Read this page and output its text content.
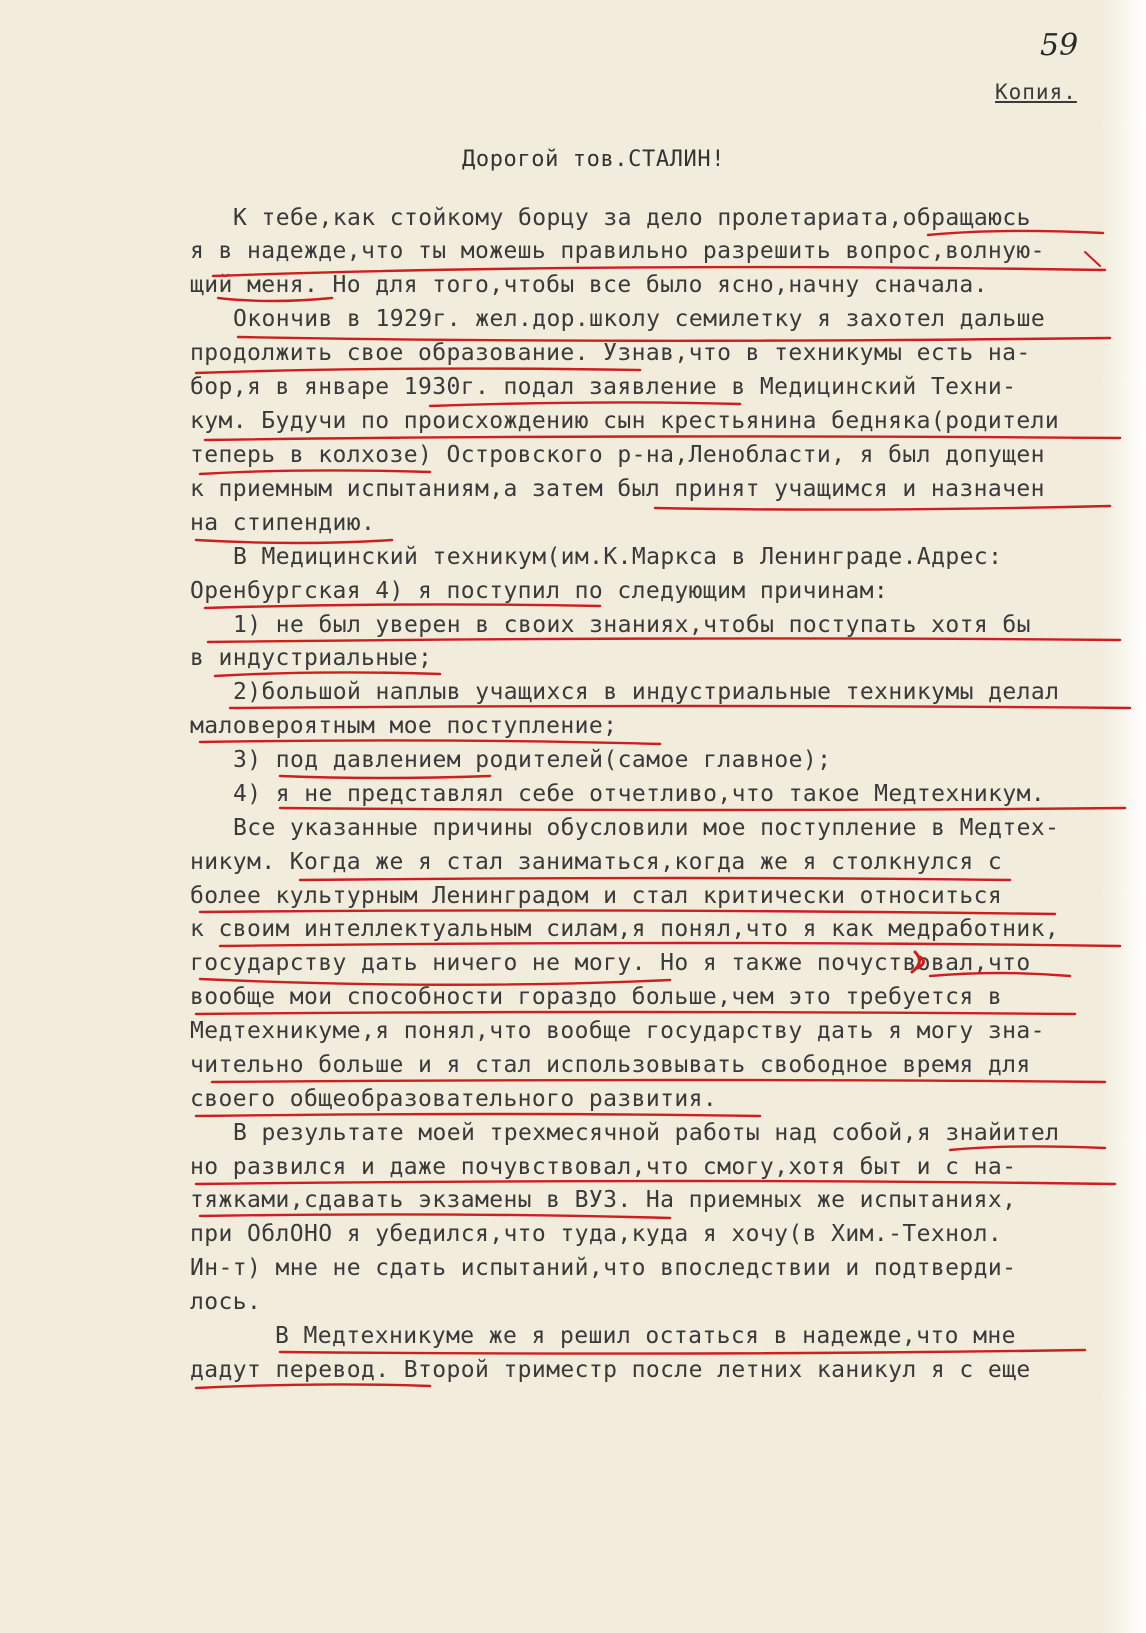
59
Копия.
Дорогой тов.СТАЛИН!
К тебе,как стойкому борцу за дело пролетариата,обращаюсь
я в надежде,что ты можешь правильно разрешить вопрос,волную-
щий меня. Но для того,чтобы все было ясно,начну сначала.
Окончив в 1929г. жел.дор.школу семилетку я захотел дальше
продолжить свое образование. Узнав,что в техникумы есть на-
бор,я в январе 1930г. подал заявление в Медицинский Техни-
кум. Будучи по происхождению сын крестьянина бедняка(родители
теперь в колхозе) Островского р-на,Ленобласти, я был допущен
к приемным испытаниям,а затем был принят учащимся и назначен
на стипендию.
В Медицинский техникум(им.К.Маркса в Ленинграде.Адрес:
Оренбургская 4) я поступил по следующим причинам:
1) не был уверен в своих знаниях,чтобы поступать хотя бы
в индустриальные;
2)большой наплыв учащихся в индустриальные техникумы делал
маловероятным мое поступление;
3) под давлением родителей(самое главное);
4) я не представлял себе отчетливо,что такое Медтехникум.
Все указанные причины обусловили мое поступление в Медтех-
никум. Когда же я стал заниматься,когда же я столкнулся с
более культурным Ленинградом и стал критически относиться
к своим интеллектуальным силам,я понял,что я как медработник,
государству дать ничего не могу. Но я также почуствовал,что
вообще мои способности гораздо больше,чем это требуется в
Медтехникуме,я понял,что вообще государству дать я могу зна-
чительно больше и я стал использовывать свободное время для
своего общеобразовательного развития.
В результате моей трехмесячной работы над собой,я знайител
но развился и даже почувствовал,что смогу,хотя быт и с на-
тяжками,сдавать экзамены в ВУЗ. На приемных же испытаниях,
при ОблОНО я убедился,что туда,куда я хочу(в Хим.-Технол.
Ин-т) мне не сдать испытаний,что впоследствии и подтверди-
лось.
В Медтехникуме же я решил остаться в надежде,что мне
дадут перевод. Второй триместр после летних каникул я с еще
